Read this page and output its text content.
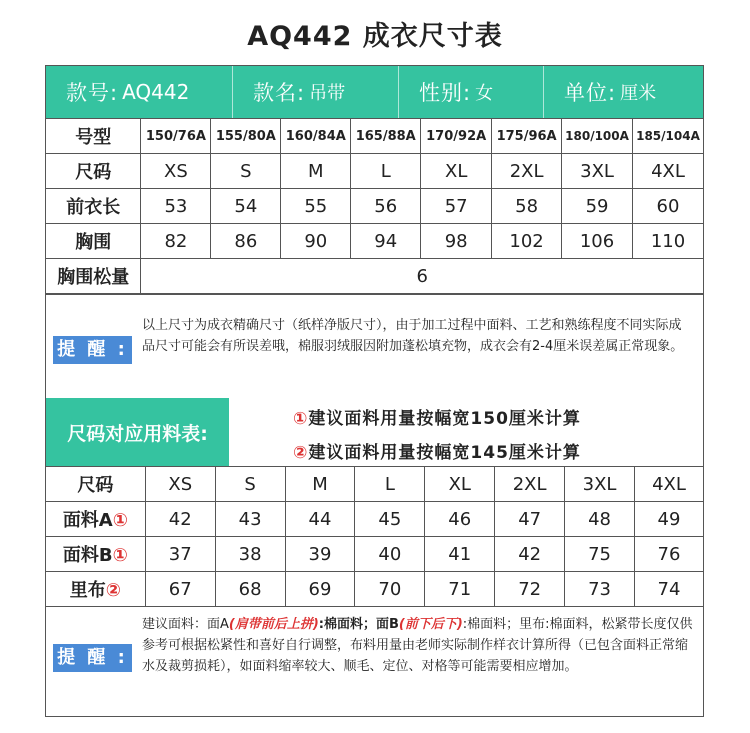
AQ442 成衣尺寸表
款号: AQ442	款名: 吊带	性别: 女	单位: 厘米
号型	150/76A	155/80A	160/84A	165/88A	170/92A	175/96A	180/100A	185/104A
尺码	XS	S	M	L	XL	2XL	3XL	4XL
前衣长	53	54	55	56	57	58	59	60
胸围	82	86	90	94	98	102	106	110
胸围松量	6							
提 醒 :
以上尺寸为成衣精确尺寸（纸样净版尺寸），由于加工过程中面料、工艺和熟练程度不同实际成品尺寸可能会有所误差哦，棉服羽绒服因附加蓬松填充物，成衣会有2-4厘米误差属正常现象。
尺码对应用料表:
①建议面料用量按幅宽150厘米计算
②建议面料用量按幅宽145厘米计算
尺码	XS	S	M	L	XL	2XL	3XL	4XL
面料A①	42	43	44	45	46	47	48	49
面料B①	37	38	39	40	41	42	75	76
里布②	67	68	69	70	71	72	73	74
提 醒 :
建议面料：面A(肩带前后上拼):棉面料；面B(前下后下):棉面料；里布:棉面料，松紧带长度仅供参考可根据松紧性和喜好自行调整，布料用量由老师实际制作样衣计算所得（已包含面料正常缩水及裁剪损耗），如面料缩率较大、顺毛、定位、对格等可能需要相应增加。
